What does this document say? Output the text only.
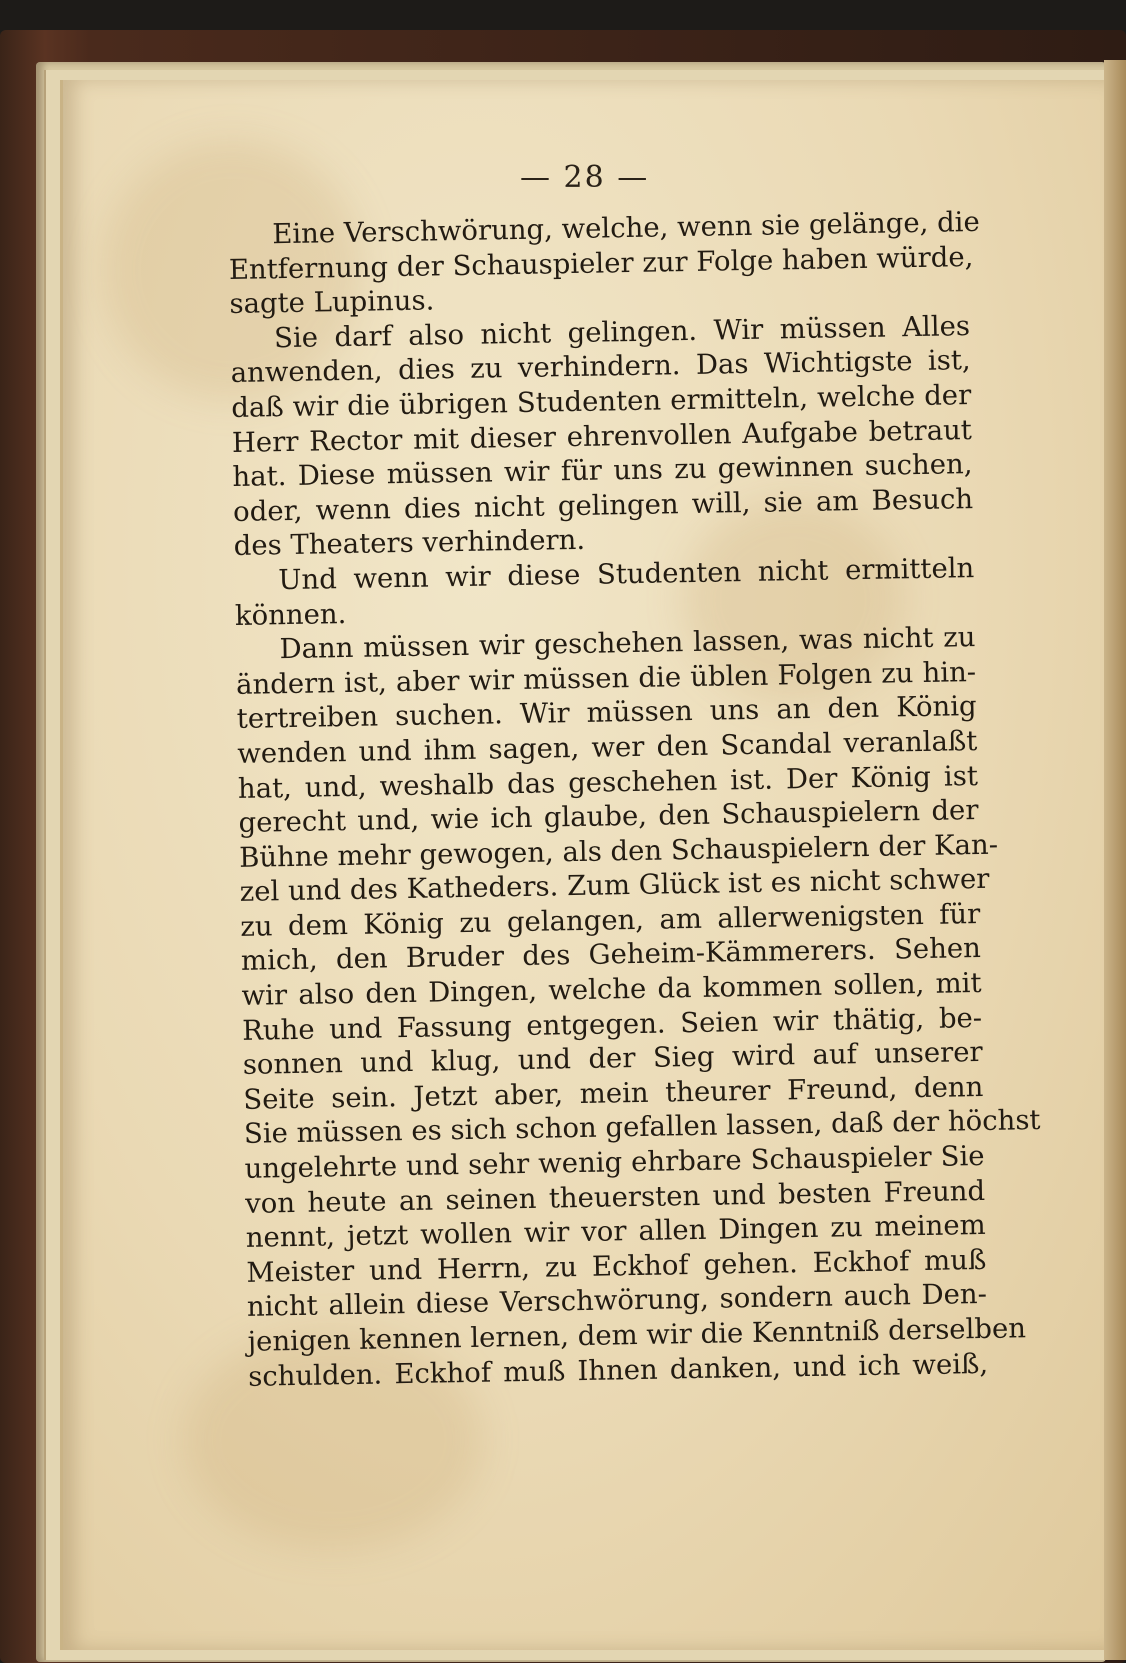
— 28 —
Eine Verschwörung, welche, wenn sie gelänge, die
Entfernung der Schauspieler zur Folge haben würde,
sagte Lupinus.
Sie darf also nicht gelingen. Wir müssen Alles
anwenden, dies zu verhindern. Das Wichtigste ist,
daß wir die übrigen Studenten ermitteln, welche der
Herr Rector mit dieser ehrenvollen Aufgabe betraut
hat. Diese müssen wir für uns zu gewinnen suchen,
oder, wenn dies nicht gelingen will, sie am Besuch
des Theaters verhindern.
Und wenn wir diese Studenten nicht ermitteln
können.
Dann müssen wir geschehen lassen, was nicht zu
ändern ist, aber wir müssen die üblen Folgen zu hin-
tertreiben suchen. Wir müssen uns an den König
wenden und ihm sagen, wer den Scandal veranlaßt
hat, und, weshalb das geschehen ist. Der König ist
gerecht und, wie ich glaube, den Schauspielern der
Bühne mehr gewogen, als den Schauspielern der Kan-
zel und des Katheders. Zum Glück ist es nicht schwer
zu dem König zu gelangen, am allerwenigsten für
mich, den Bruder des Geheim-Kämmerers. Sehen
wir also den Dingen, welche da kommen sollen, mit
Ruhe und Fassung entgegen. Seien wir thätig, be-
sonnen und klug, und der Sieg wird auf unserer
Seite sein. Jetzt aber, mein theurer Freund, denn
Sie müssen es sich schon gefallen lassen, daß der höchst
ungelehrte und sehr wenig ehrbare Schauspieler Sie
von heute an seinen theuersten und besten Freund
nennt, jetzt wollen wir vor allen Dingen zu meinem
Meister und Herrn, zu Eckhof gehen. Eckhof muß
nicht allein diese Verschwörung, sondern auch Den-
jenigen kennen lernen, dem wir die Kenntniß derselben
schulden. Eckhof muß Ihnen danken, und ich weiß,
